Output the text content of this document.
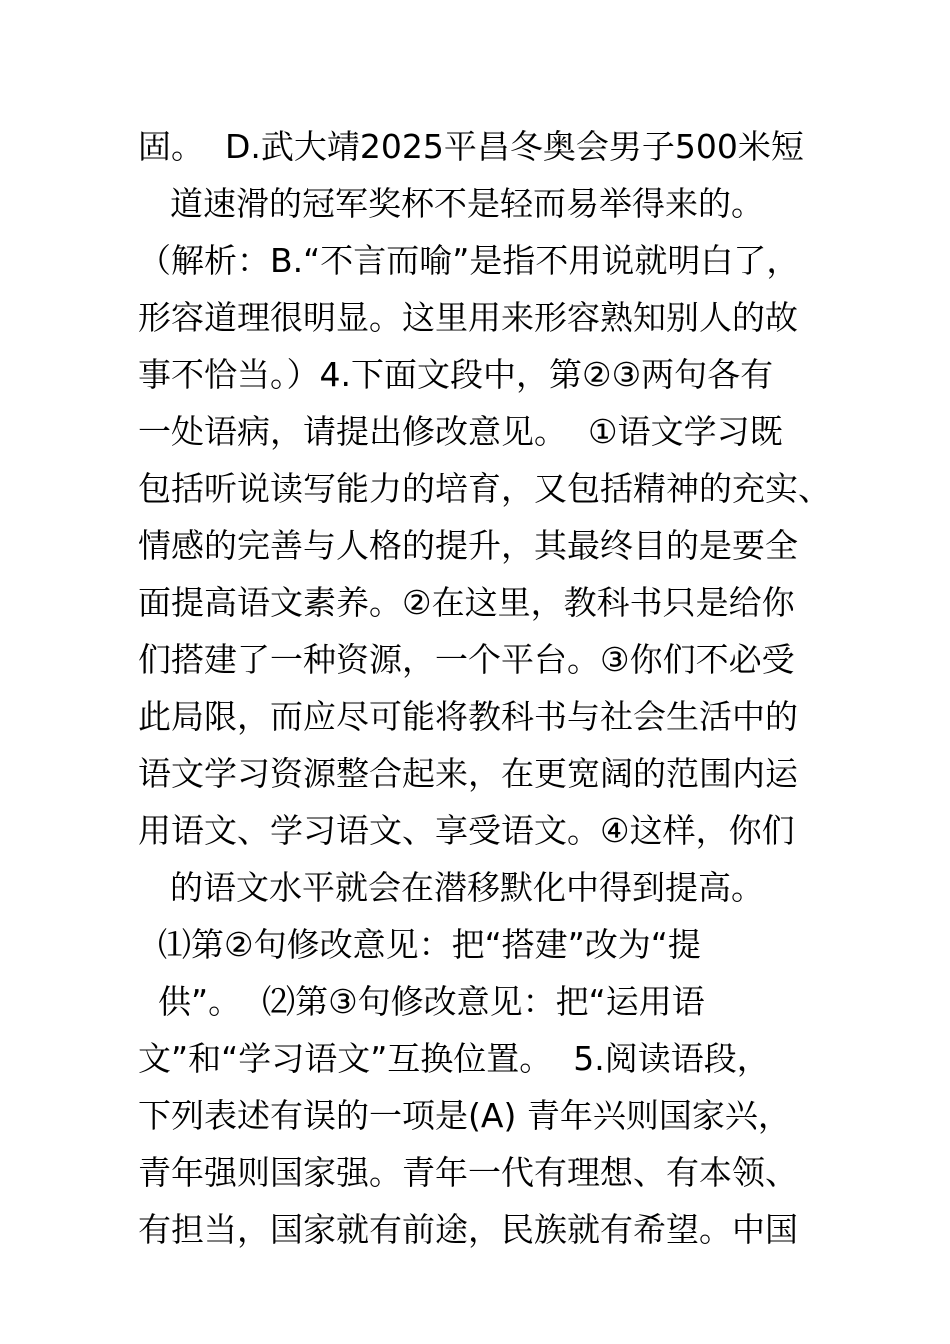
固。  D.武大靖2025平昌冬奥会男子500米短
道速滑的冠军奖杯不是轻而易举得来的。
（解析：B.“不言而喻”是指不用说就明白了，
形容道理很明显。这里用来形容熟知别人的故
事不恰当。）4.下面文段中，第②③两句各有
一处语病，请提出修改意见。  ①语文学习既
包括听说读写能力的培育，又包括精神的充实、
情感的完善与人格的提升，其最终目的是要全
面提高语文素养。②在这里，教科书只是给你
们搭建了一种资源，一个平台。③你们不必受
此局限，而应尽可能将教科书与社会生活中的
语文学习资源整合起来，在更宽阔的范围内运
用语文、学习语文、享受语文。④这样，你们
的语文水平就会在潜移默化中得到提高。
⑴第②句修改意见：把“搭建”改为“提
供”。  ⑵第③句修改意见：把“运用语
文”和“学习语文”互换位置。  5.阅读语段，
下列表述有误的一项是(A) 青年兴则国家兴，
青年强则国家强。青年一代有理想、有本领、
有担当，国家就有前途，民族就有希望。中国
